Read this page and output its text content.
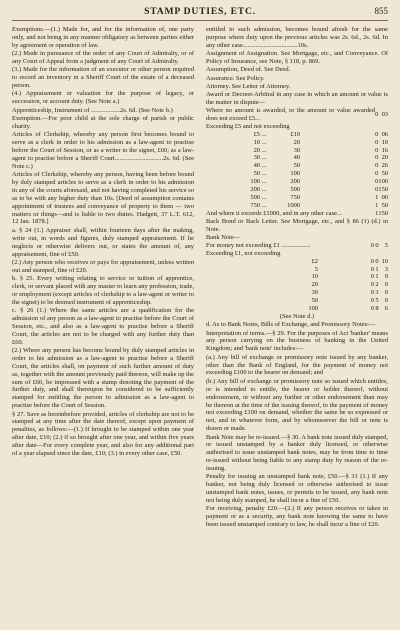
STAMP DUTIES, ETC.	855

Exemptions.—(1.) Made for, and for the information of, one party only, and not being in any manner obligatory as between parties either by agreement or operation of law.

(2.) Made in pursuance of the order of any Court of Admiralty, or of any Court of Appeal from a judgment of any Court of Admiralty.

(3.) Made for the information of an executor or other person required to record an inventory in a Sheriff Court of the estate of a deceased person.

(4.) Appraisement or valuation for the purpose of legacy, or succession, or account duty. (See Note a.)

Apprenticeship, Instrument of ..................2s. 6d. (See Note b.)

Exemption.—For poor child at the sole charge of parish or public charity.

Articles of Clerkship, whereby any person first becomes bound to serve as a clerk in order to his admission as a law-agent to practise before the Court of Session, or as a writer to the signet, £60; as a law-agent to practise before a Sheriff Court..............................2s. 6d. (See Note c.)

Articles of Clerkship, whereby any person, having been before bound by duly stamped articles to serve as a clerk in order to his admission in any of the courts aforesaid, and not having completed his service so as to be with any higher duty than 10s. [Deed of assumption contains appointment of trustees and conveyance of property to them — two matters or things—and is liable to two duties. Hadgett, 37 L.T. 612, 12 Jan. 1878.]

a. § 24 (1.) Appraiser shall, within fourteen days after the making, write out, in words and figures, duly stamped appraisement. If he neglects or otherwise delivers out, or states the amount of, any appraisement, fine of £50.

(2.) Any person who receives or pays for appraisement, unless written out and stamped, fine of £20.

b. § 25. Every writing relating to service or tuition of apprentice, clerk, or servant placed with any master to learn any profession, trade, or employment (except articles of clerkship to a law-agent or writer to the signet) to be deemed instrument of apprenticeship.

c. § 26 (1.) Where the same articles are a qualification for the admission of any person as a law-agent to practise before the Court of Session, etc., and also as a law-agent to practise before a Sheriff Court, the articles are not to be charged with any further duty than £60.

(2.) Where any person has become bound by duly stamped articles in order to his admission as a law-agent to practise before a Sheriff Court, the articles shall, on payment of such further amount of duty as, together with the amount previously paid thereon, will make up the sum of £60, be impressed with a stamp denoting the payment of the further duty, and shall thereupon be considered to be sufficiently stamped for entitling the person to admission as a law-agent to practise before the Court of Session.

§ 27. Save as hereinbefore provided, articles of clerkship are not to be stamped at any time after the date thereof, except upon payment of penalties, as follows:—(1.) If brought to be stamped within one year after date, £10; (2.) if so brought after one year, and within five years after date—For every complete year, and also for any additional part of a year elapsed since the date, £10; (3.) in every other case, £50.

entitled to such admission, becomes bound afresh for the same purpose where duty upon the previous articles was 2s. 6d., 2s. 6d. In any other case..................................10s.

Assignment of Assignation. See Mortgage, etc., and Conveyance. Of Policy of Insurance, see Note, § 118, p. 869.

Assumption, Deed of. See Deed.

Assurance. See Policy.

Attorney. See Letter of Attorney.

Award or Decreet-Arbitral in any case in which an amount or value is the matter in dispute—

Where no amount is awarded, or the amount or value awarded does not exceed £5...	0	0	3
Exceeding £5 and not exceeding			
£5 ... £10	0	0	6
10 ... 20	0	1	0
20 ... 30	0	1	6
30 ... 40	0	2	0
40 ... 50	0	2	6
50 ... 100	0	5	0
100 ... 200	0	10	0
200 ... 500	0	15	0
500 ... 750	1	0	0
750 ... 1000	1	5	0
And where it exceeds £1000, and in any other case...	1	15	0

Back Bond or Back Letter. See Mortgage, etc., and § 86 (1) (d.) in Note.

Bank Note—

For money not exceeding £1 ..................	0	0	5
Exceeding £1, not exceeding			
£2	0	0	10
5	0	1	3
10	0	1	9
20	0	2	0
30	0	3	0
50	0	5	0
100	0	8	6

(See Note d.)

d. As to Bank Notes, Bills of Exchange, and Promissory Notes:—

Interpretation of terms.—§ 29. For the purposes of Act 'banker' means any person carrying on the business of banking in the United Kingdom; and 'bank note' includes:—

(a.) Any bill of exchange or promissory note issued by any banker, other than the Bank of England, for the payment of money not exceeding £100 to the bearer on demand; and

(b.) Any bill of exchange or promissory note so issued which entitles, or is intended to entitle, the bearer or holder thereof, without endorsement, or without any further or other endorsement than may be thereon at the time of the issuing thereof, to the payment of money not exceeding £100 on demand, whether the same be so expressed or not, and in whatever form, and by whomsoever the bill or note is drawn or made.

Bank Note may be re-issued.—§ 30. A bank note issued duly stamped, or issued unstamped by a banker duly licensed, or otherwise authorised to issue unstamped bank notes, may be from time to time re-issued without being liable to any stamp duty by reason of the re-issuing.

Penalty for issuing an unstamped bank note, £50.—§ 31 (1.) If any banker, not being duly licensed or otherwise authorised to issue unstamped bank notes, issues, or permits to be issued, any bank note not being duly stamped, he shall incur a fine of £50.

For receiving, penalty £20.—(2.) If any person receives or takes in payment or as a security, any bank note knowing the same to have been issued unstamped contrary to law, he shall incur a fine of £20.
